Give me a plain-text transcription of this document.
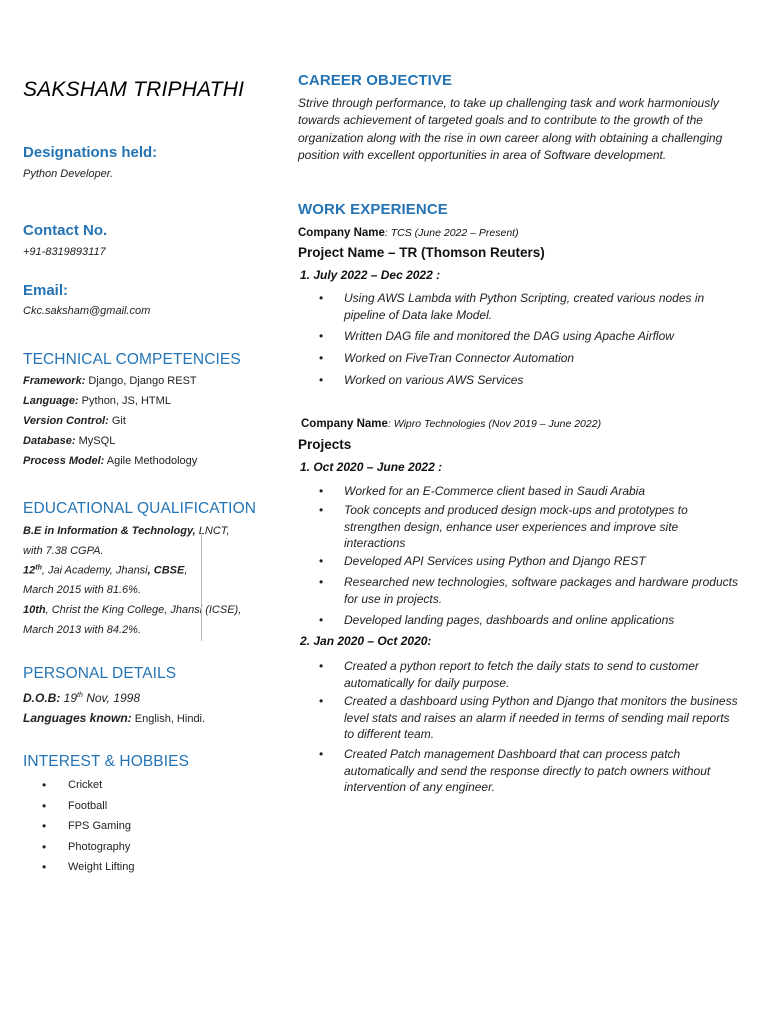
SAKSHAM TRIPHATHI
Designations held:

Python Developer.

Contact No.

+91-8319893117

Email:

Ckc.saksham@gmail.com

TECHNICAL COMPETENCIES

Framework: Django, Django REST

Language: Python, JS, HTML

Version Control: Git

Database: MySQL

Process Model: Agile Methodology

EDUCATIONAL QUALIFICATION

B.E in Information & Technology, LNCT,

with 7.38 CGPA.

12th, Jai Academy, Jhansi, CBSE,

March 2015 with 81.6%.

10th, Christ the King College, Jhansi (ICSE),

March 2013 with 84.2%.

PERSONAL DETAILS

D.O.B: 19th Nov, 1998

Languages known: English, Hindi.

INTEREST & HOBBIES
• Cricket
• Football
• FPS Gaming
• Photography
• Weight Lifting
CAREER OBJECTIVE

Strive through performance, to take up challenging task and work harmoniously towards achievement of targeted goals and to contribute to the growth of the organization along with the rise in own career along with obtaining a challenging position with excellent opportunities in area of Software development.

WORK EXPERIENCE

Company Name: TCS (June 2022 – Present)

Project Name – TR (Thomson Reuters)

1. July 2022 – Dec 2022 :

• Using AWS Lambda with Python Scripting, created various nodes in pipeline of Data lake Model.
• Written DAG file and monitored the DAG using Apache Airflow
• Worked on FiveTran Connector Automation
• Worked on various AWS Services

Company Name: Wipro Technologies (Nov 2019 – June 2022)

Projects

1. Oct 2020 – June 2022 :

• Worked for an E-Commerce client based in Saudi Arabia
• Took concepts and produced design mock-ups and prototypes to strengthen design, enhance user experiences and improve site interactions
• Developed API Services using Python and Django REST
• Researched new technologies, software packages and hardware products for use in projects.
• Developed landing pages, dashboards and online applications

2. Jan 2020 – Oct 2020:

• Created a python report to fetch the daily stats to send to customer automatically for daily purpose.
• Created a dashboard using Python and Django that monitors the business level stats and raises an alarm if needed in terms of sending mail reports to different team.
• Created Patch management Dashboard that can process patch automatically and send the response directly to patch owners without intervention of any engineer.
